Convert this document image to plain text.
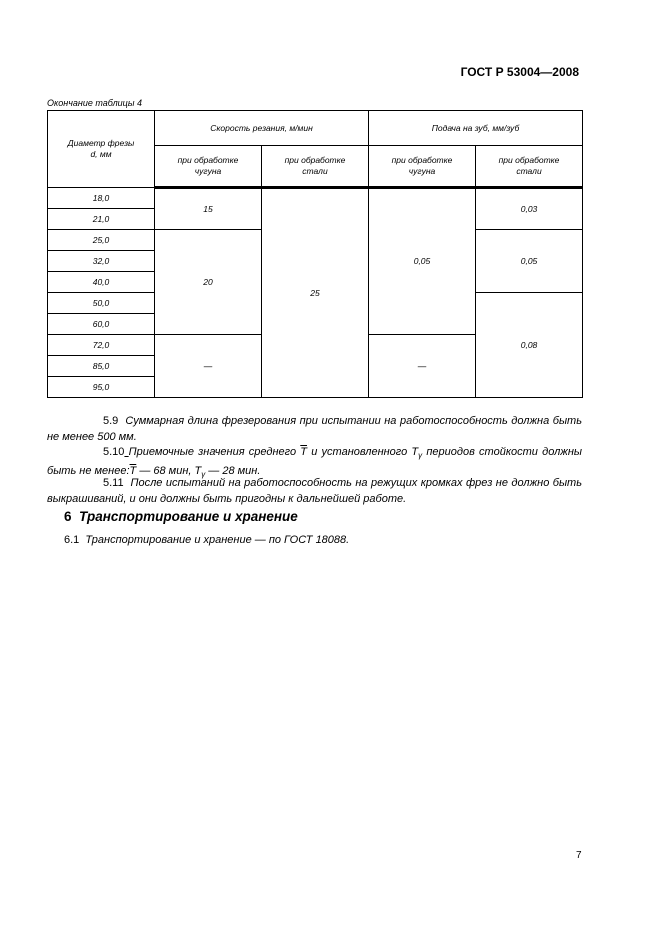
ГОСТ Р 53004—2008
Окончание таблицы 4
Диаметр фрезы d, мм	Скорость резания, м/мин		Подача на зуб, мм/зуб	
	при обработке чугуна	при обработке стали	при обработке чугуна	при обработке стали
18,0	15	25	0,05	0,03
21,0				
25,0	20			0,05
32,0				
40,0				
50,0				0,08
60,0				
72,0	—		—	
85,0				
95,0				
5.9 Суммарная длина фрезерования при испытании на работоспособность должна быть не менее 500 мм.
5.10 Приемочные значения среднего $\overline{T}$ и установленного $T_\gamma$ периодов стойкости должны быть не $менее:\overline{T}$ — 68 мин, $T_\gamma$ — 28 мин.
5.11 После испытаний на работоспособность на режущих кромках фрез не должно быть выкрашиваний, и они должны быть пригодны к дальнейшей работе.
6 Транспортирование и хранение
6.1 Транспортирование и хранение — по ГОСТ 18088.
7
